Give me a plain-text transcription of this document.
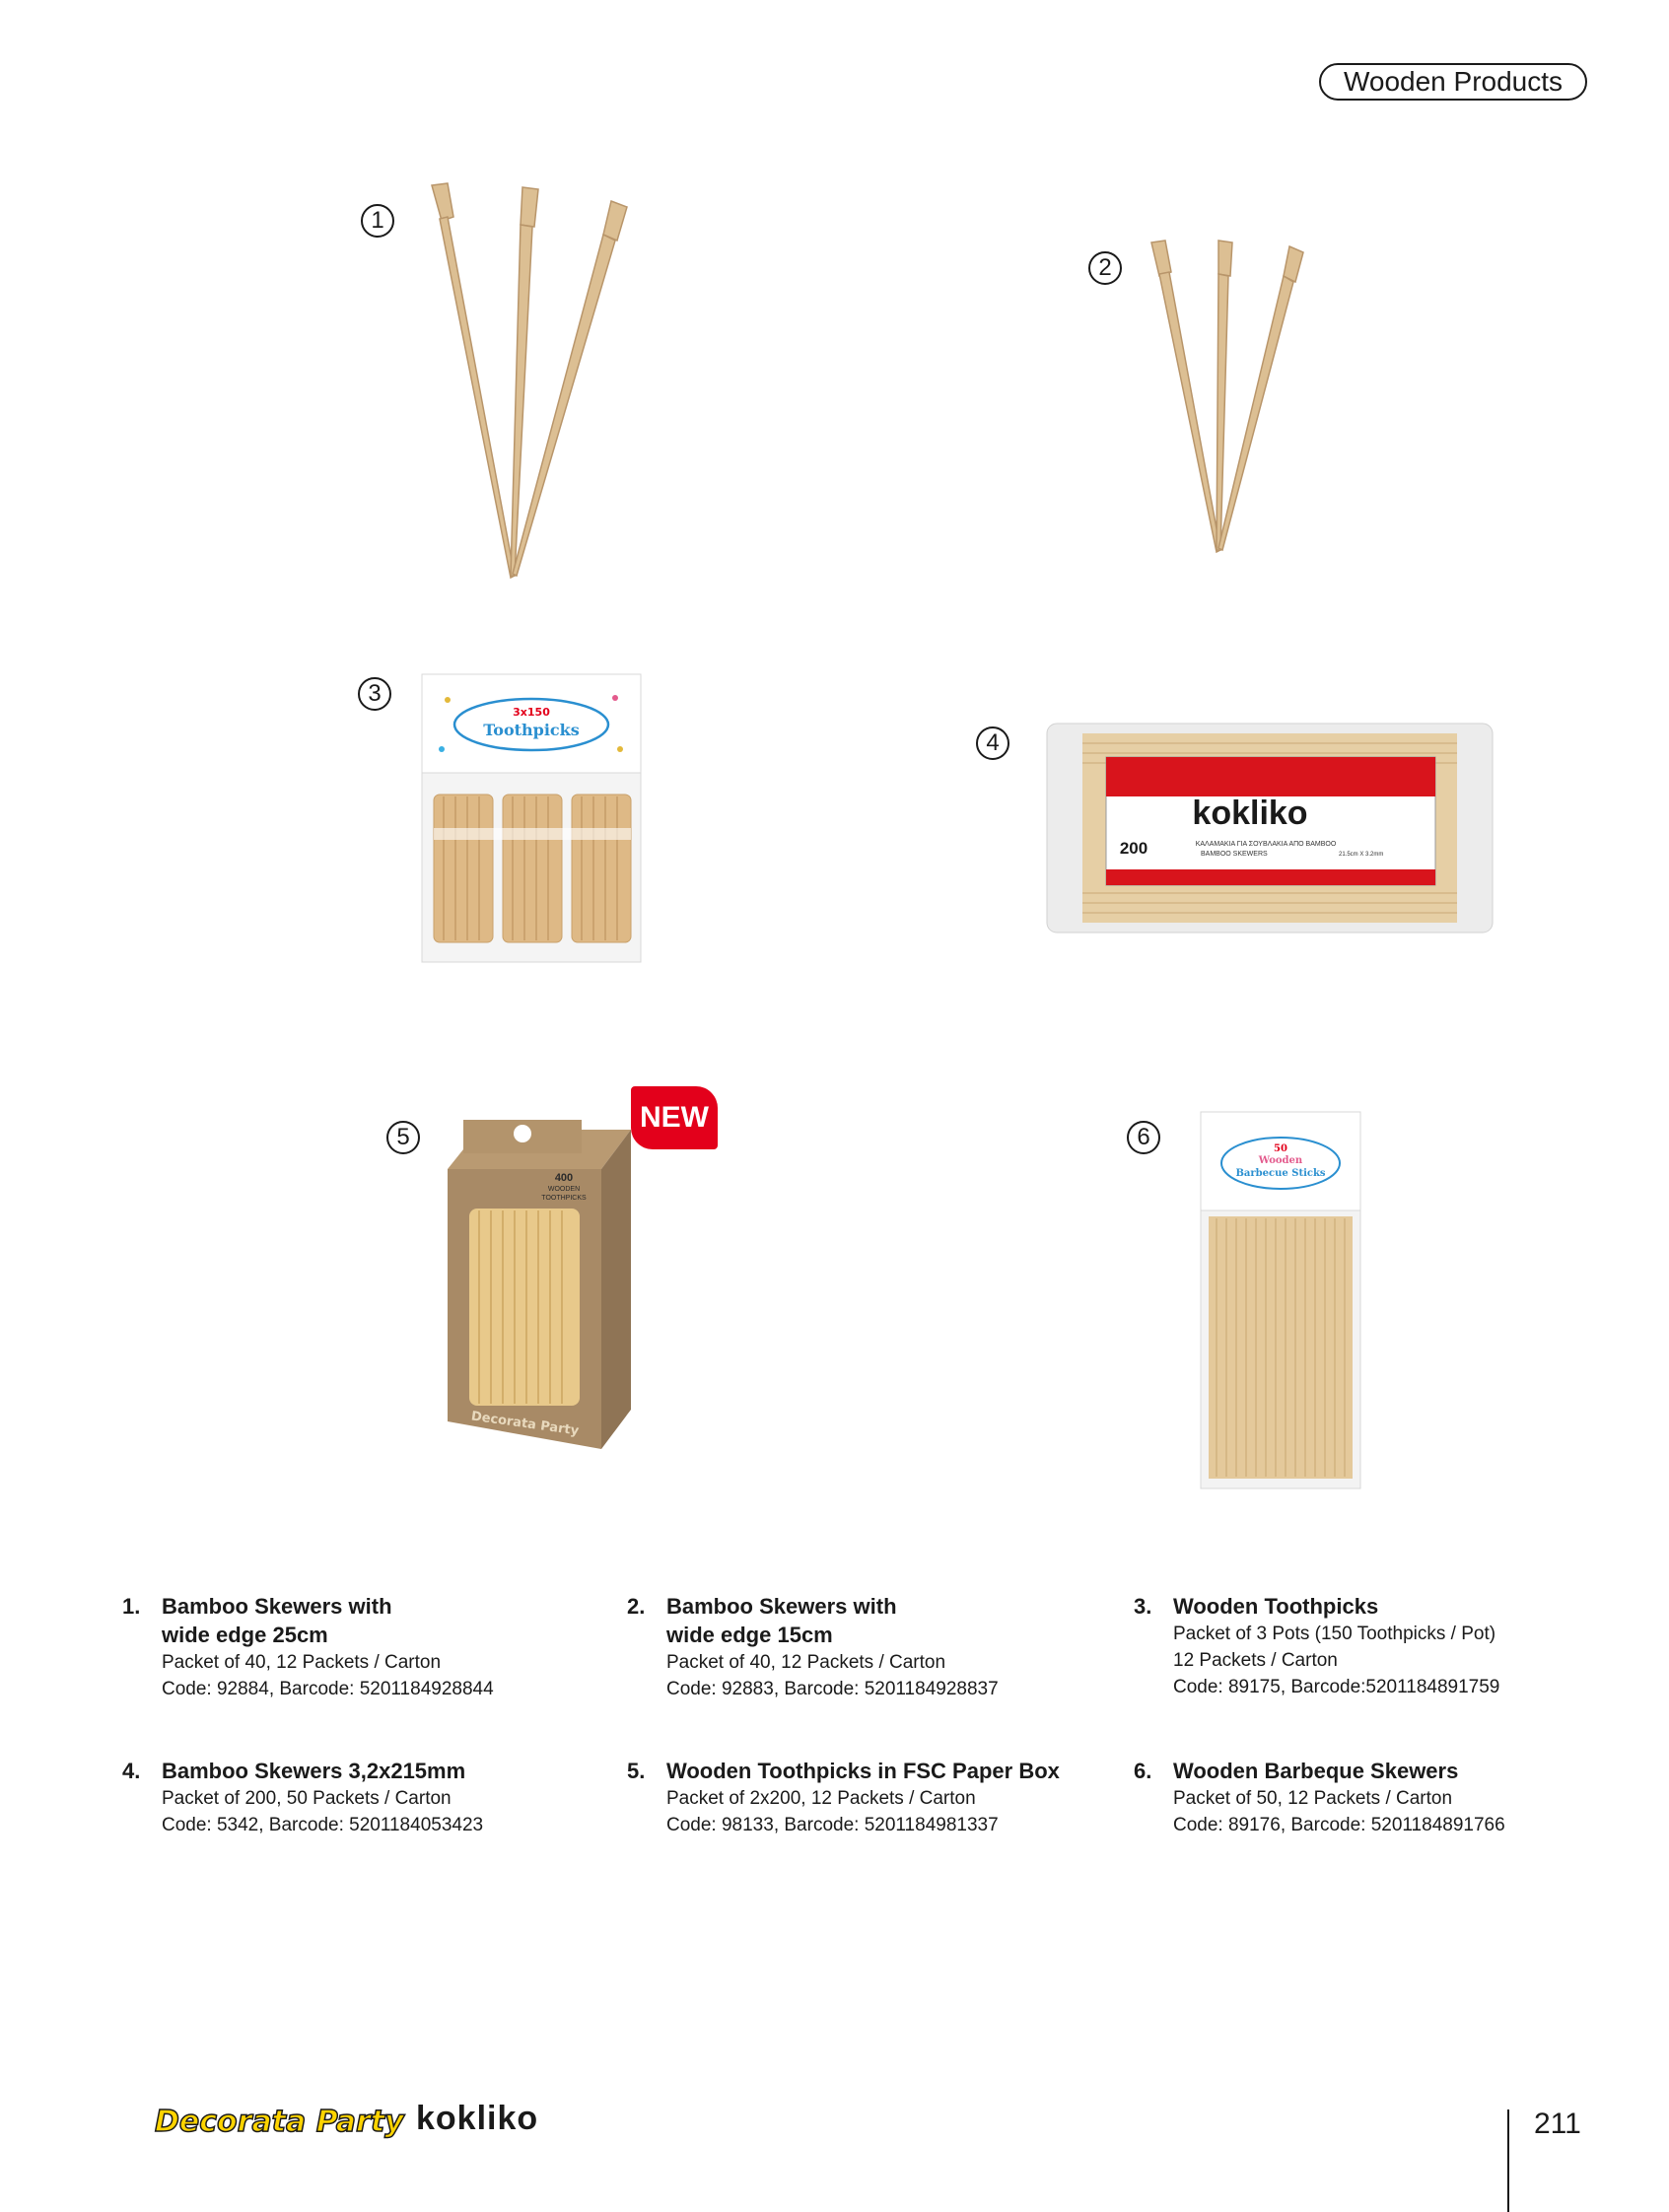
Wooden Products
3x150
Toothpicks
kokliko
200	ΚΑΛΑΜΑΚΙΑ ΓΙΑ ΣΟΥΒΛΑΚΙΑ ΑΠΟ BAMBOO
BAMBOO SKEWERS	21.5cm X 3.2mm
400
WOODEN
TOOTHPICKS
Decorata Party
50
Wooden
Barbecue Sticks
1
2
3
4
5	6
NEW
1. Bamboo Skewers with
wide edge 25cm
Packet of 40, 12 Packets / Carton
Code: 92884, Barcode: 5201184928844
2. Bamboo Skewers with
wide edge 15cm
Packet of 40, 12 Packets / Carton
Code: 92883, Barcode: 5201184928837
3. Wooden Toothpicks
Packet of 3 Pots (150 Toothpicks / Pot)
12 Packets / Carton
Code: 89175, Barcode:5201184891759
4. Bamboo Skewers 3,2x215mm
Packet of 200, 50 Packets / Carton
Code: 5342, Barcode: 5201184053423
5. Wooden Toothpicks in FSC Paper Box
Packet of 2x200, 12 Packets / Carton
Code: 98133, Barcode: 5201184981337
6. Wooden Barbeque Skewers
Packet of 50, 12 Packets / Carton
Code: 89176, Barcode: 5201184891766
Decorata Party kokliko	211
